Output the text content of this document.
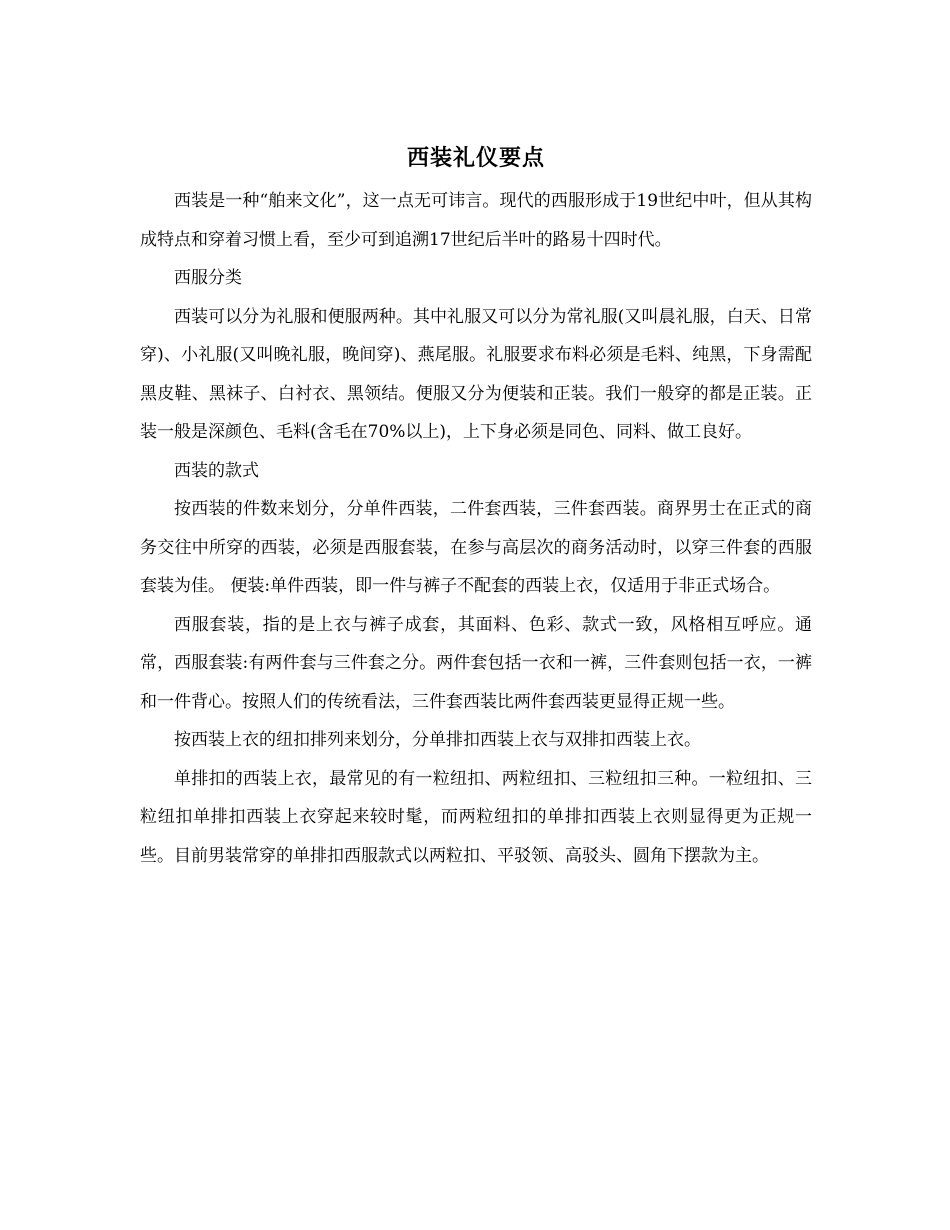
西装礼仪要点

西装是一种“舶来文化”，这一点无可讳言。现代的西服形成于19世纪中叶，但从其构成特点和穿着习惯上看，至少可到追溯17世纪后半叶的路易十四时代。

西服分类

西装可以分为礼服和便服两种。其中礼服又可以分为常礼服(又叫晨礼服，白天、日常穿)、小礼服(又叫晚礼服，晚间穿)、燕尾服。礼服要求布料必须是毛料、纯黑，下身需配黑皮鞋、黑袜子、白衬衣、黑领结。便服又分为便装和正装。我们一般穿的都是正装。正装一般是深颜色、毛料(含毛在70%以上)，上下身必须是同色、同料、做工良好。

西装的款式

按西装的件数来划分，分单件西装，二件套西装，三件套西装。商界男士在正式的商务交往中所穿的西装，必须是西服套装，在参与高层次的商务活动时，以穿三件套的西服套装为佳。 便装:单件西装，即一件与裤子不配套的西装上衣，仅适用于非正式场合。

西服套装，指的是上衣与裤子成套，其面料、色彩、款式一致，风格相互呼应。通常，西服套装:有两件套与三件套之分。两件套包括一衣和一裤，三件套则包括一衣，一裤和一件背心。按照人们的传统看法，三件套西装比两件套西装更显得正规一些。

按西装上衣的纽扣排列来划分，分单排扣西装上衣与双排扣西装上衣。

单排扣的西装上衣，最常见的有一粒纽扣、两粒纽扣、三粒纽扣三种。一粒纽扣、三粒纽扣单排扣西装上衣穿起来较时髦，而两粒纽扣的单排扣西装上衣则显得更为正规一些。目前男装常穿的单排扣西服款式以两粒扣、平驳领、高驳头、圆角下摆款为主。
